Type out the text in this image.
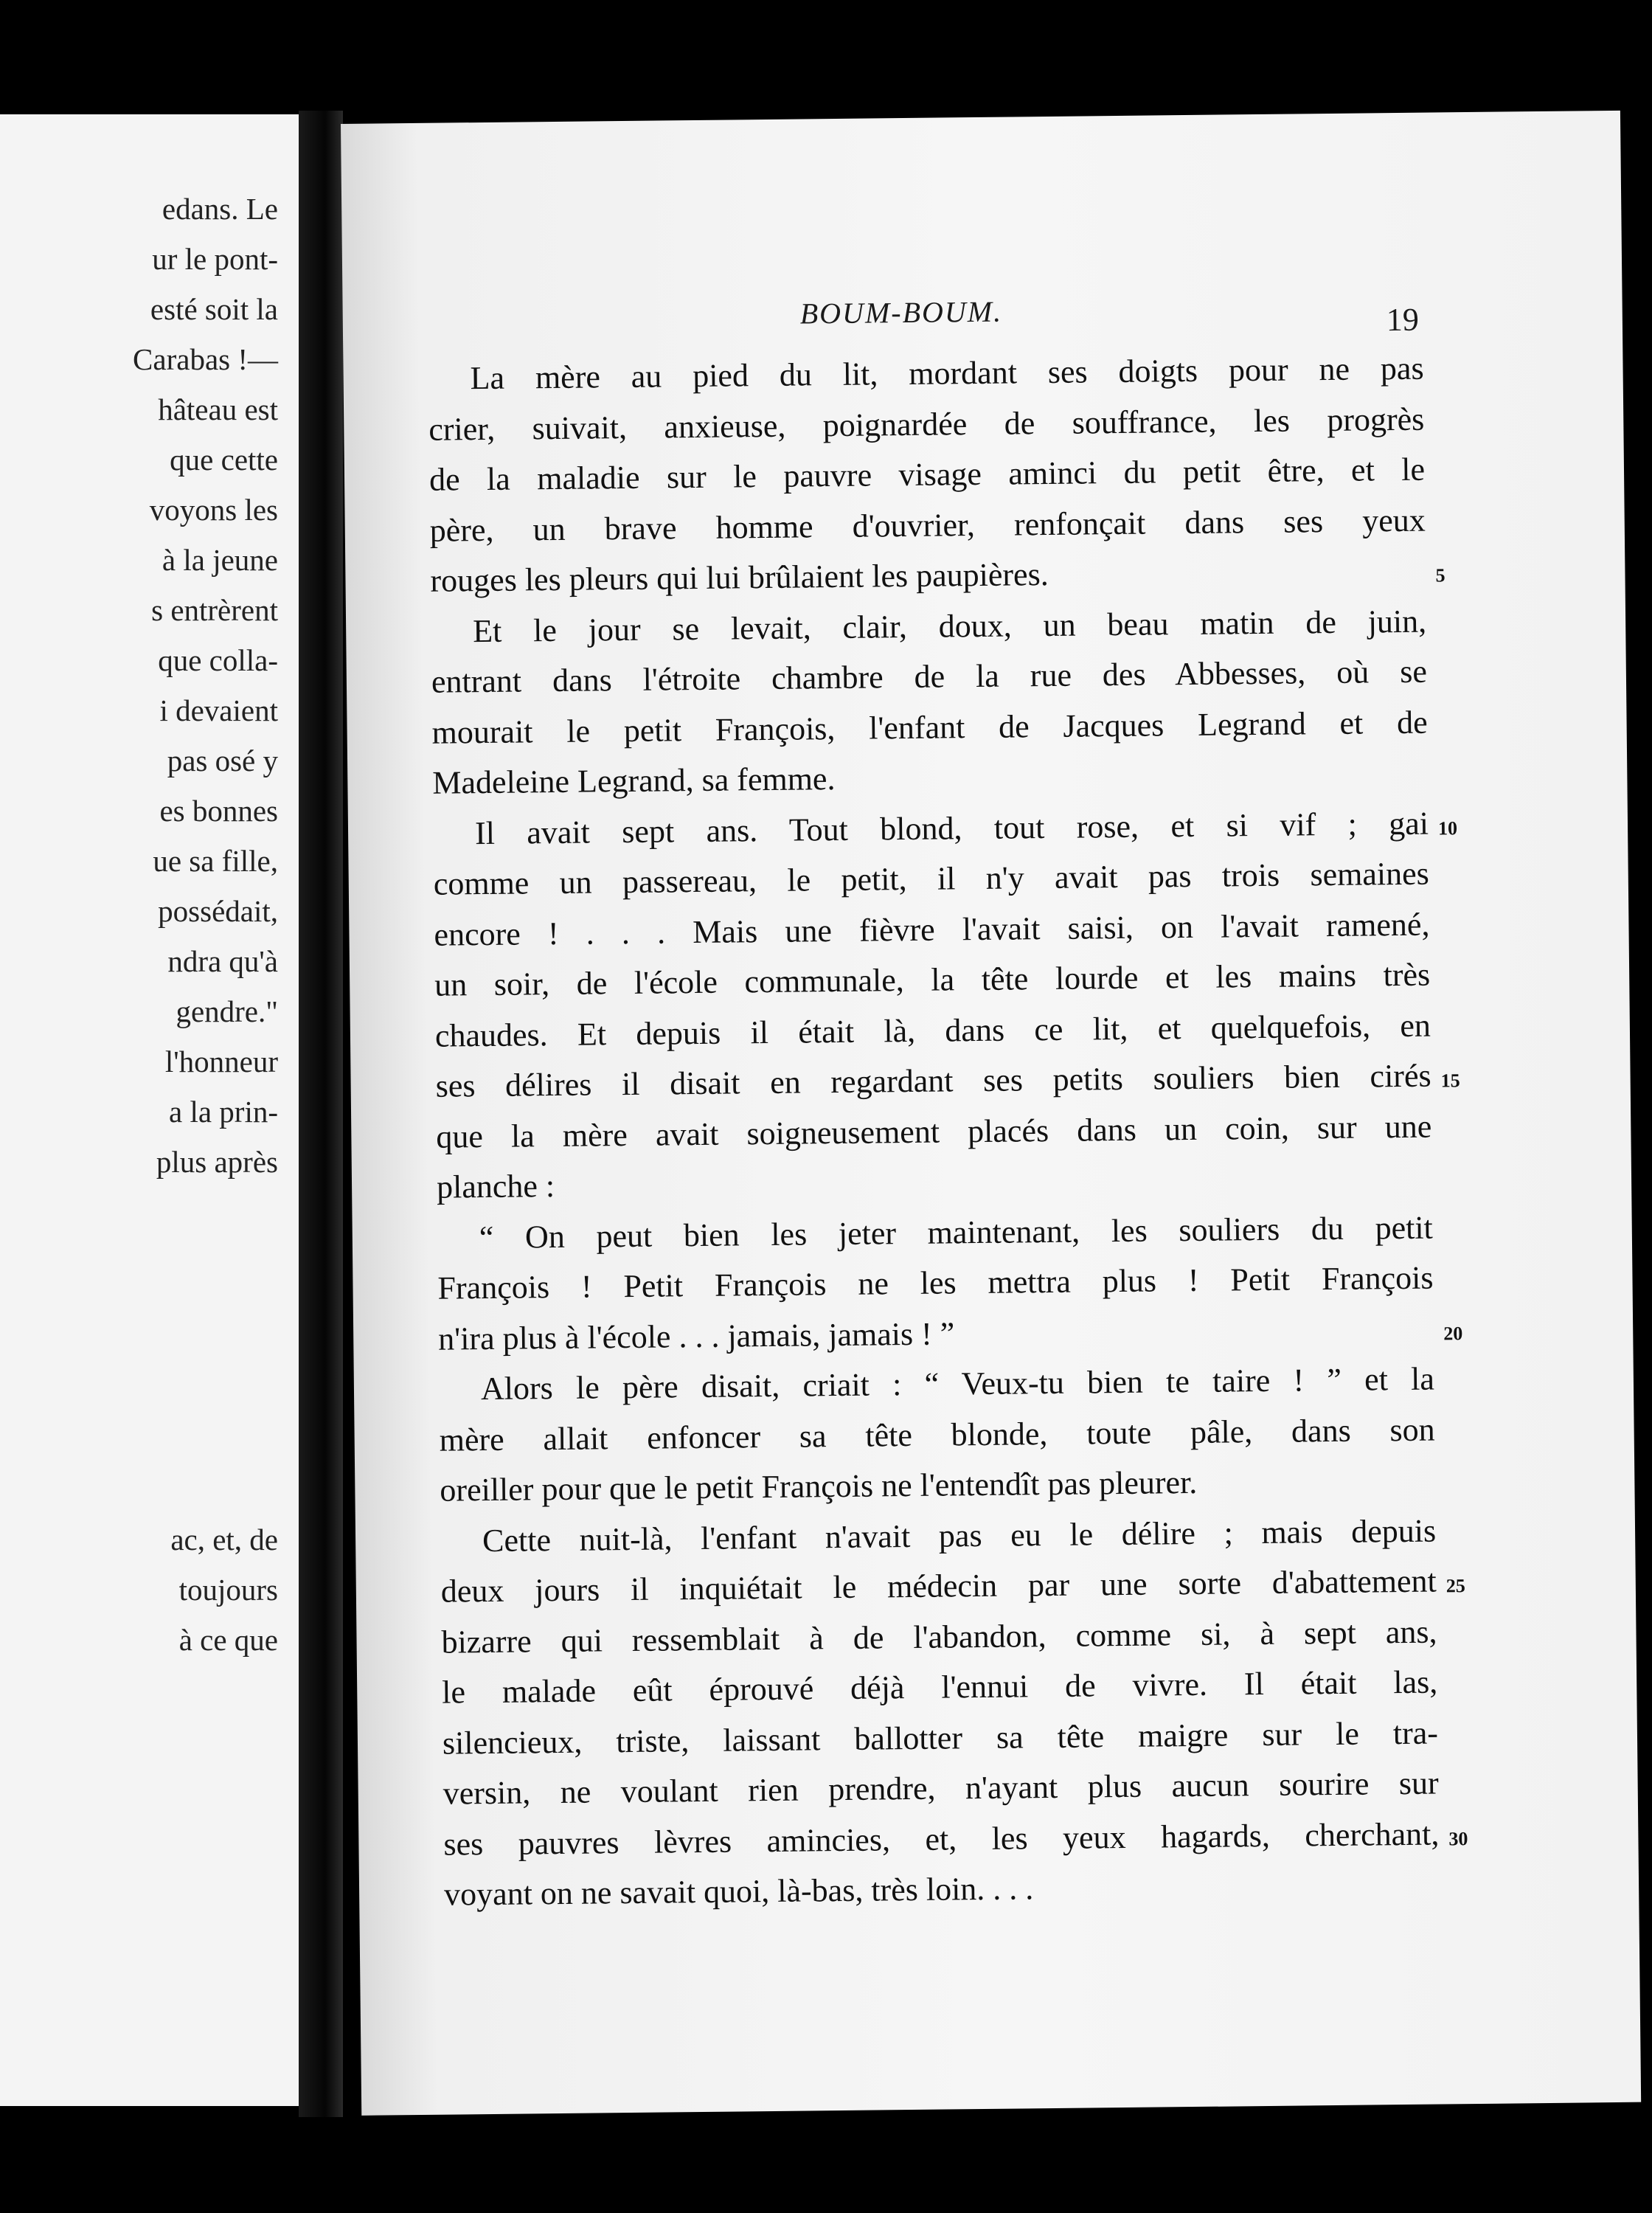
edans. Le
ur le pont-
esté soit la
Carabas !—
hâteau est
que cette
voyons les
à la jeune
s entrèrent
que colla-
i devaient
pas osé y
es bonnes
ue sa fille,
possédait,
ndra qu'à
gendre."
l'honneur
a la prin-
plus après
ac, et, de
toujours
à ce que
BOUM-BOUM.	19
La mère au pied du lit, mordant ses doigts pour ne pas
crier, suivait, anxieuse, poignardée de souffrance, les progrès
de la maladie sur le pauvre visage aminci du petit être, et le
père, un brave homme d'ouvrier, renfonçait dans ses yeux
rouges les pleurs qui lui brûlaient les paupières.	5
Et le jour se levait, clair, doux, un beau matin de juin,
entrant dans l'étroite chambre de la rue des Abbesses, où se
mourait le petit François, l'enfant de Jacques Legrand et de
Madeleine Legrand, sa femme.
Il avait sept ans. Tout blond, tout rose, et si vif ; gai 10
comme un passereau, le petit, il n'y avait pas trois semaines
encore ! . . . Mais une fièvre l'avait saisi, on l'avait ramené,
un soir, de l'école communale, la tête lourde et les mains très
chaudes. Et depuis il était là, dans ce lit, et quelquefois, en
ses délires il disait en regardant ses petits souliers bien cirés 15
que la mère avait soigneusement placés dans un coin, sur une
planche :
“ On peut bien les jeter maintenant, les souliers du petit
François ! Petit François ne les mettra plus ! Petit François
n'ira plus à l'école . . . jamais, jamais ! ”	20
Alors le père disait, criait : “ Veux-tu bien te taire ! ” et la
mère allait enfoncer sa tête blonde, toute pâle, dans son
oreiller pour que le petit François ne l'entendît pas pleurer.
Cette nuit-là, l'enfant n'avait pas eu le délire ; mais depuis
deux jours il inquiétait le médecin par une sorte d'abattement 25
bizarre qui ressemblait à de l'abandon, comme si, à sept ans,
le malade eût éprouvé déjà l'ennui de vivre. Il était las,
silencieux, triste, laissant ballotter sa tête maigre sur le tra-
versin, ne voulant rien prendre, n'ayant plus aucun sourire sur
ses pauvres lèvres amincies, et, les yeux hagards, cherchant, 30
voyant on ne savait quoi, là-bas, très loin. . . .
